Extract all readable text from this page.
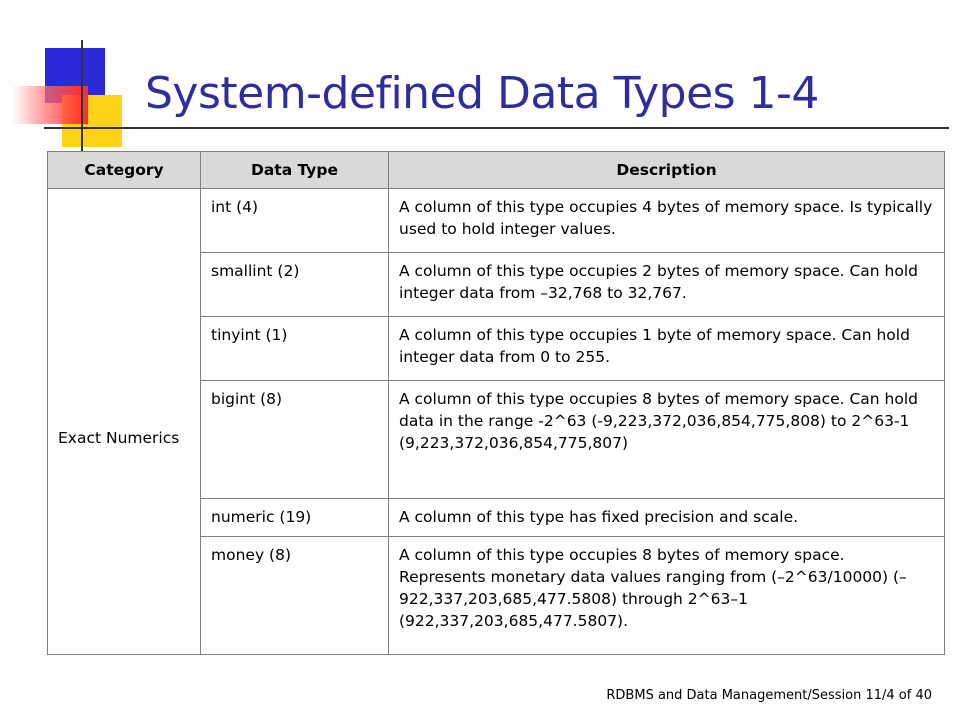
System-defined Data Types 1-4
Category	Data Type	Description
Exact Numerics	int (4)	A column of this type occupies 4 bytes of memory space. Is typically used to hold integer values.
	smallint (2)	A column of this type occupies 2 bytes of memory space. Can hold integer data from –32,768 to 32,767.
	tinyint (1)	A column of this type occupies 1 byte of memory space. Can hold integer data from 0 to 255.
	bigint (8)	A column of this type occupies 8 bytes of memory space. Can hold data in the range -2^63 (-9,223,372,036,854,775,808) to 2^63-1 (9,223,372,036,854,775,807)
	numeric (19)	A column of this type has fixed precision and scale.
	money (8)	A column of this type occupies 8 bytes of memory space. Represents monetary data values ranging from (–2^63/10000) (–922,337,203,685,477.5808) through 2^63–1 (922,337,203,685,477.5807).
RDBMS and Data Management/Session 11/4 of 40
